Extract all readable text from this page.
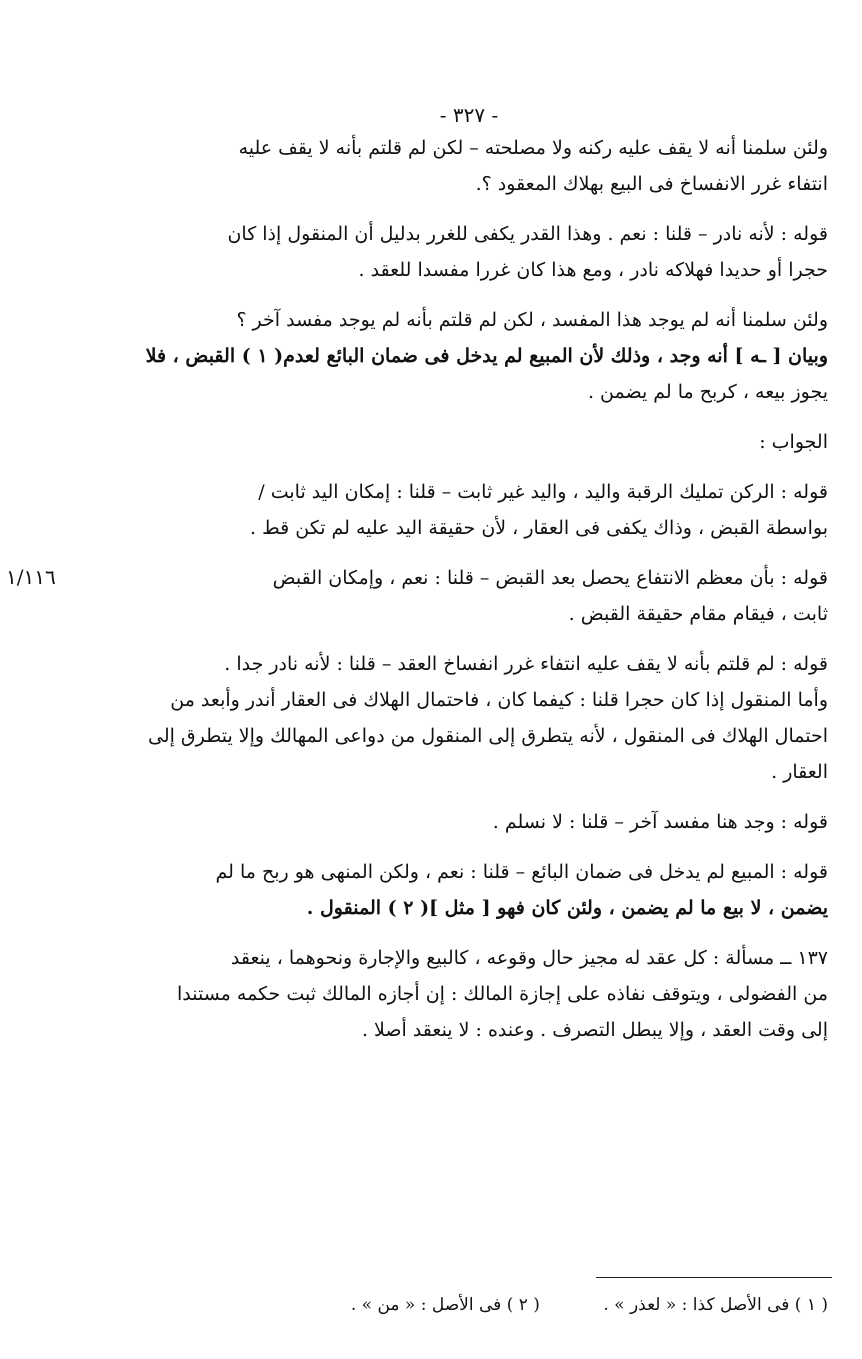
- ٣٢٧ -
ولئن سلمنا أنه لا يقف عليه ركنه ولا مصلحته – لكن لم قلتم بأنه لا يقف عليه
انتفاء غرر الانفساخ فى البيع بهلاك المعقود ؟.
قوله : لأنه نادر – قلنا : نعم . وهذا القدر يكفى للغرر بدليل أن المنقول إذا كان
حجرا أو حديدا فهلاكه نادر ، ومع هذا كان غررا مفسدا للعقد .
ولئن سلمنا أنه لم يوجد هذا المفسد ، لكن لم قلتم بأنه لم يوجد مفسد آخر ؟
وبيان [ ـه ] أنه وجد ، وذلك لأن المبيع لم يدخل فى ضمان البائع لعدم( ١ ) القبض ، فلا
يجوز بيعه ، كربح ما لم يضمن .
الجواب :
قوله : الركن تمليك الرقبة واليد ، واليد غير ثابت – قلنا : إمكان اليد ثابت /
بواسطة القبض ، وذاك يكفى فى العقار ، لأن حقيقة اليد عليه لم تكن قط .
قوله : بأن معظم الانتفاع يحصل بعد القبض – قلنا : نعم ، وإمكان القبض
ثابت ، فيقام مقام حقيقة القبض .
قوله : لم قلتم بأنه لا يقف عليه انتفاء غرر انفساخ العقد – قلنا : لأنه نادر جدا .
وأما المنقول إذا كان حجرا قلنا : كيفما كان ، فاحتمال الهلاك فى العقار أندر وأبعد من
احتمال الهلاك فى المنقول ، لأنه يتطرق إلى المنقول من دواعى المهالك وإلا يتطرق إلى
العقار .
قوله : وجد هنا مفسد آخر – قلنا : لا نسلم .
قوله : المبيع لم يدخل فى ضمان البائع – قلنا : نعم ، ولكن المنهى هو ربح ما لم
يضمن ، لا بيع ما لم يضمن ، ولئن كان فهو [ مثل ]( ٢ ) المنقول .
١٣٧ ــ مسألة : كل عقد له مجيز حال وقوعه ، كالبيع والإجارة ونحوهما ، ينعقد
من الفضولى ، ويتوقف نفاذه على إجازة المالك : إن أجازه المالك ثبت حكمه مستندا
إلى وقت العقد ، وإلا يبطل التصرف . وعنده : لا ينعقد أصلا .
١/١١٦
( ١ ) فى الأصل كذا : « لعذر » . ( ٢ ) فى الأصل : « من » .
